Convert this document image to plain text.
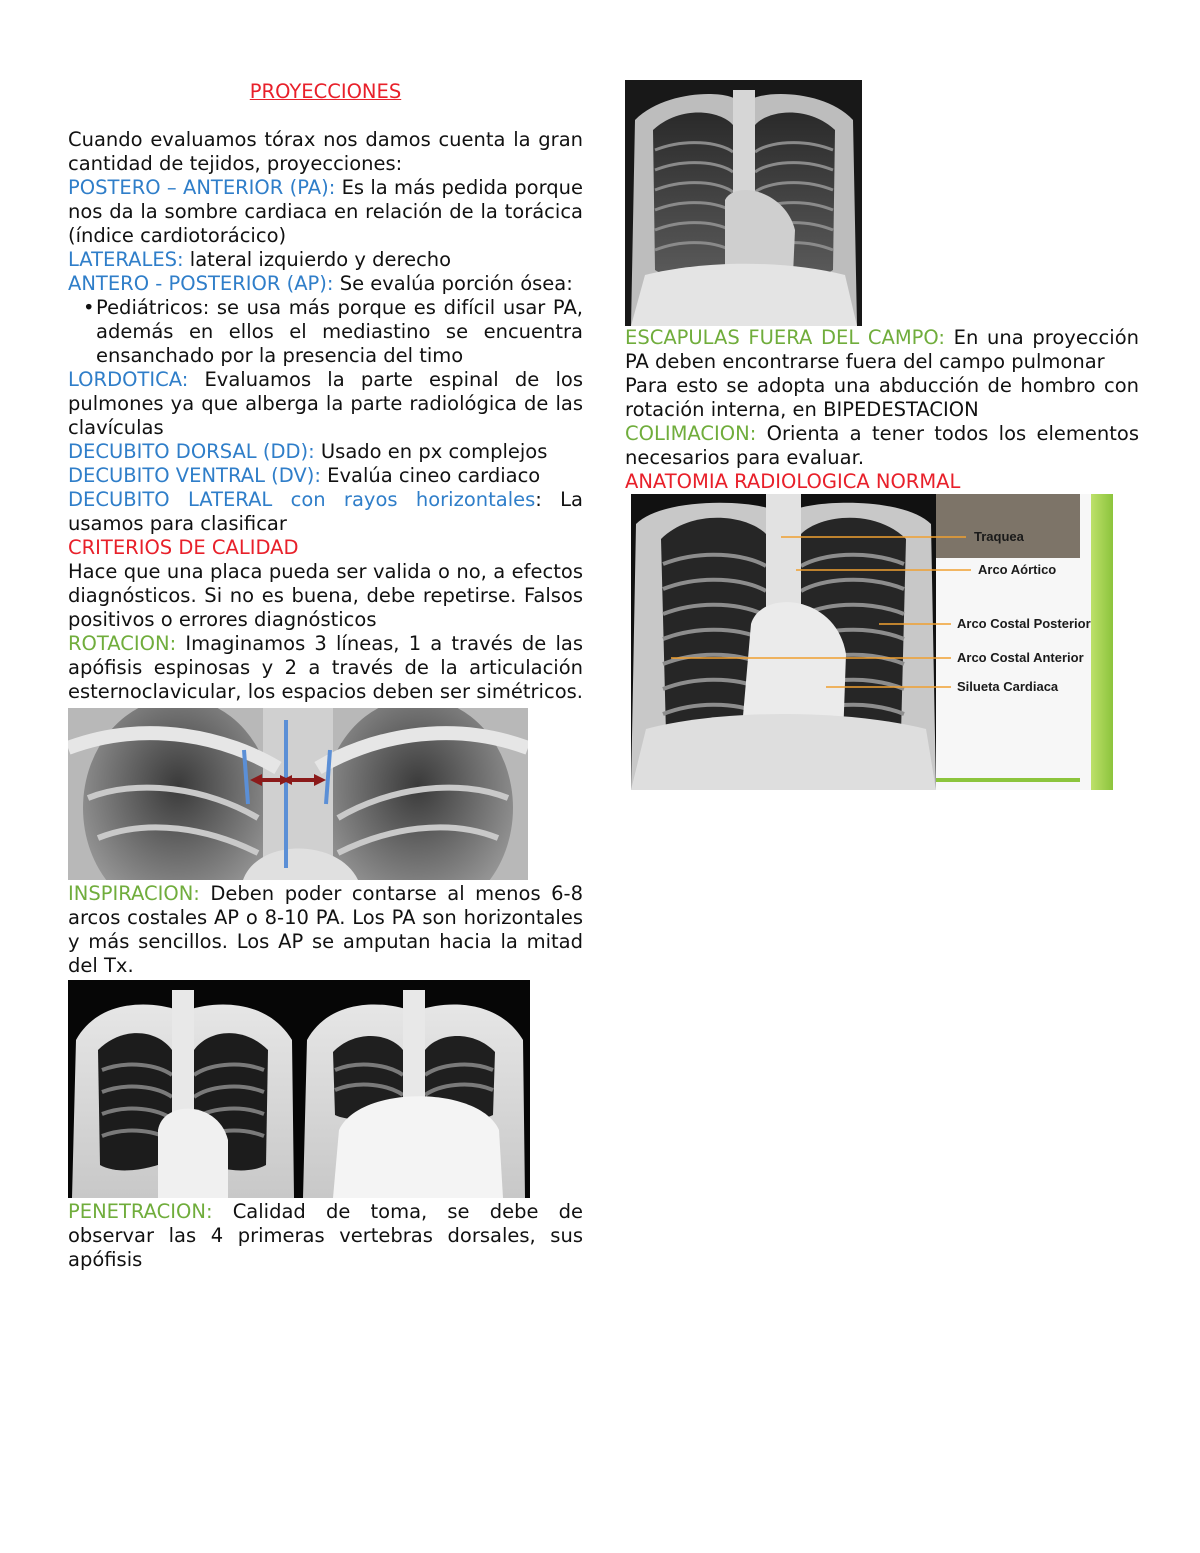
PROYECCIONES

Cuando evaluamos tórax nos damos cuenta la gran cantidad de tejidos, proyecciones:

POSTERO – ANTERIOR (PA): Es la más pedida porque nos da la sombre cardiaca en relación de la torácica (índice cardiotorácico)

LATERALES: lateral izquierdo y derecho

ANTERO - POSTERIOR (AP): Se evalúa porción ósea:

• Pediátricos: se usa más porque es difícil usar PA, además en ellos el mediastino se encuentra ensanchado por la presencia del timo

LORDOTICA: Evaluamos la parte espinal de los pulmones ya que alberga la parte radiológica de las clavículas

DECUBITO DORSAL (DD): Usado en px complejos

DECUBITO VENTRAL (DV): Evalúa cineo cardiaco

DECUBITO LATERAL con rayos horizontales: La usamos para clasificar

CRITERIOS DE CALIDAD

Hace que una placa pueda ser valida o no, a efectos diagnósticos. Si no es buena, debe repetirse. Falsos positivos o errores diagnósticos

ROTACION: Imaginamos 3 líneas, 1 a través de las apófisis espinosas y 2 a través de la articulación esternoclavicular, los espacios deben ser simétricos.

INSPIRACION: Deben poder contarse al menos 6-8 arcos costales AP o 8-10 PA. Los PA son horizontales y más sencillos. Los AP se amputan hacia la mitad del Tx.

PENETRACION: Calidad de toma, se debe de observar las 4 primeras vertebras dorsales, sus apófisis

ESCAPULAS FUERA DEL CAMPO: En una proyección PA deben encontrarse fuera del campo pulmonar

Para esto se adopta una abducción de hombro con rotación interna, en BIPEDESTACION

COLIMACION: Orienta a tener todos los elementos necesarios para evaluar.

ANATOMIA RADIOLOGICA NORMAL

Traquea
Arco Aórtico
Arco Costal Posterior
Arco Costal Anterior
Silueta Cardiaca
